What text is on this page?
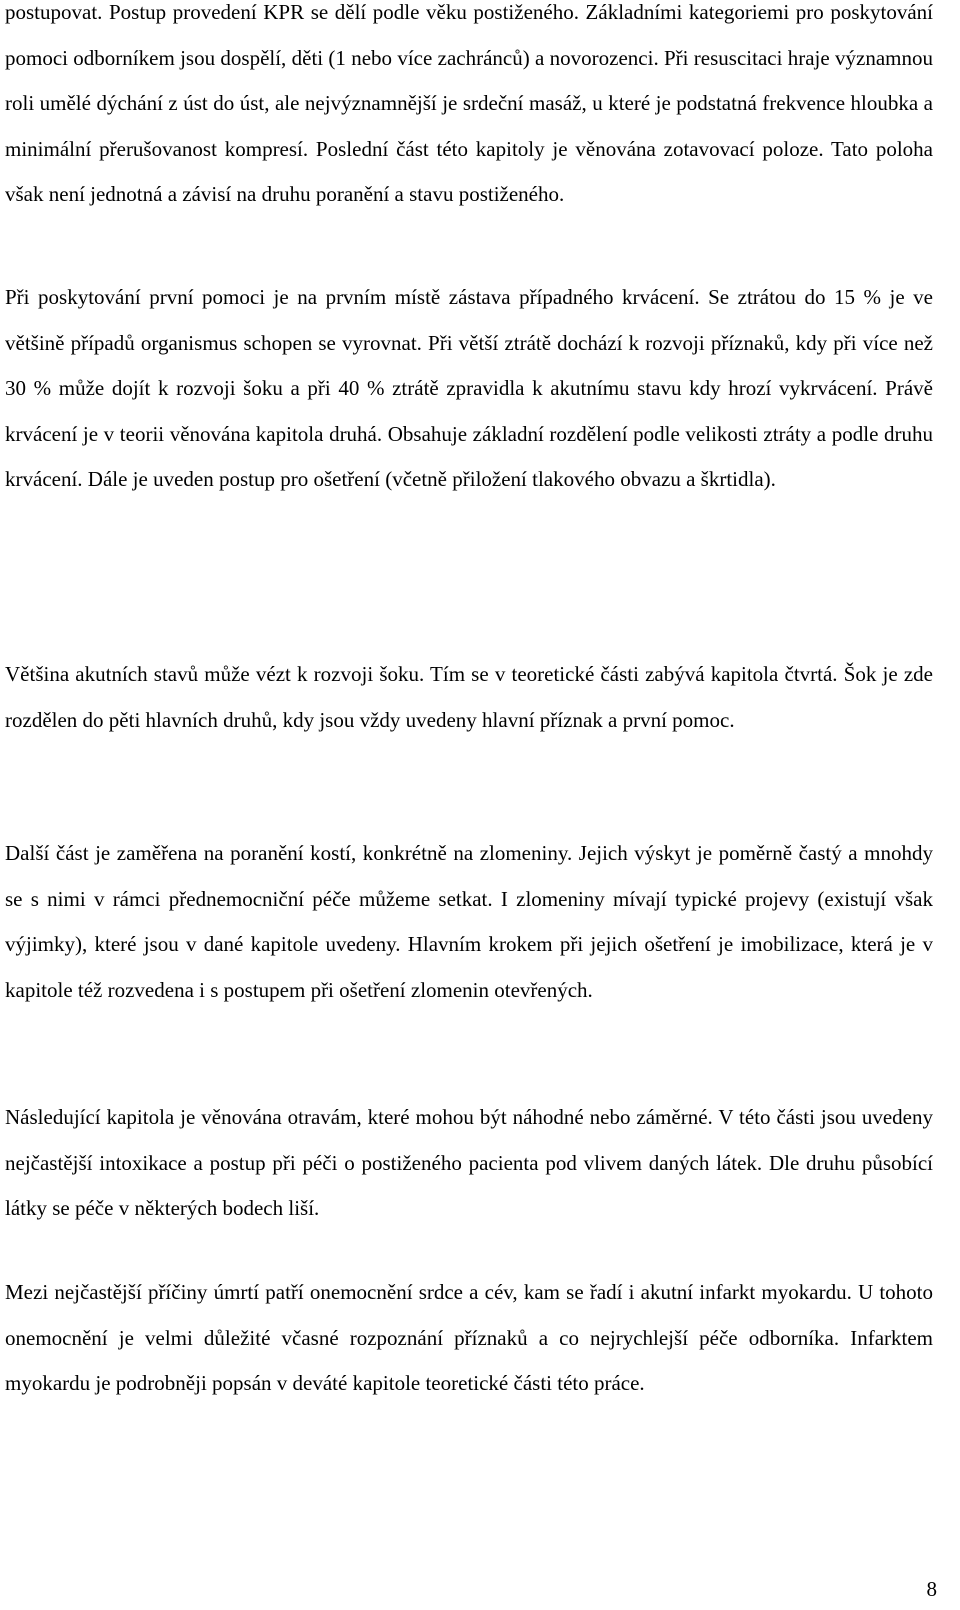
postupovat. Postup provedení KPR se dělí podle věku postiženého. Základními kategoriemi pro poskytování pomoci odborníkem jsou dospělí, děti (1 nebo více zachránců) a novorozenci. Při resuscitaci hraje významnou roli umělé dýchání z úst do úst, ale nejvýznamnější je srdeční masáž, u které je podstatná frekvence hloubka a minimální přerušovanost kompresí. Poslední část této kapitoly je věnována zotavovací poloze. Tato poloha však není jednotná a závisí na druhu poranění a stavu postiženého.

Při poskytování první pomoci je na prvním místě zástava případného krvácení. Se ztrátou do 15 % je ve většině případů organismus schopen se vyrovnat. Při větší ztrátě dochází k rozvoji příznaků, kdy při více než 30 % může dojít k rozvoji šoku a při 40 % ztrátě zpravidla k akutnímu stavu kdy hrozí vykrvácení. Právě krvácení je v teorii věnována kapitola druhá. Obsahuje základní rozdělení podle velikosti ztráty a podle druhu krvácení. Dále je uveden postup pro ošetření (včetně přiložení tlakového obvazu a škrtidla).

Většina akutních stavů může vézt k rozvoji šoku. Tím se v teoretické části zabývá kapitola čtvrtá. Šok je zde rozdělen do pěti hlavních druhů, kdy jsou vždy uvedeny hlavní příznak a první pomoc.

Další část je zaměřena na poranění kostí, konkrétně na zlomeniny. Jejich výskyt je poměrně častý a mnohdy se s nimi v rámci přednemocniční péče můžeme setkat. I zlomeniny mívají typické projevy (existují však výjimky), které jsou v dané kapitole uvedeny. Hlavním krokem při jejich ošetření je imobilizace, která je v kapitole též rozvedena i s postupem při ošetření zlomenin otevřených.

Následující kapitola je věnována otravám, které mohou být náhodné nebo záměrné. V této části jsou uvedeny nejčastější intoxikace a postup při péči o postiženého pacienta pod vlivem daných látek. Dle druhu působící látky se péče v některých bodech liší.

Mezi nejčastější příčiny úmrtí patří onemocnění srdce a cév, kam se řadí i akutní infarkt myokardu. U tohoto onemocnění je velmi důležité včasné rozpoznání příznaků a co nejrychlejší péče odborníka. Infarktem myokardu je podrobněji popsán v deváté kapitole teoretické části této práce.

8
